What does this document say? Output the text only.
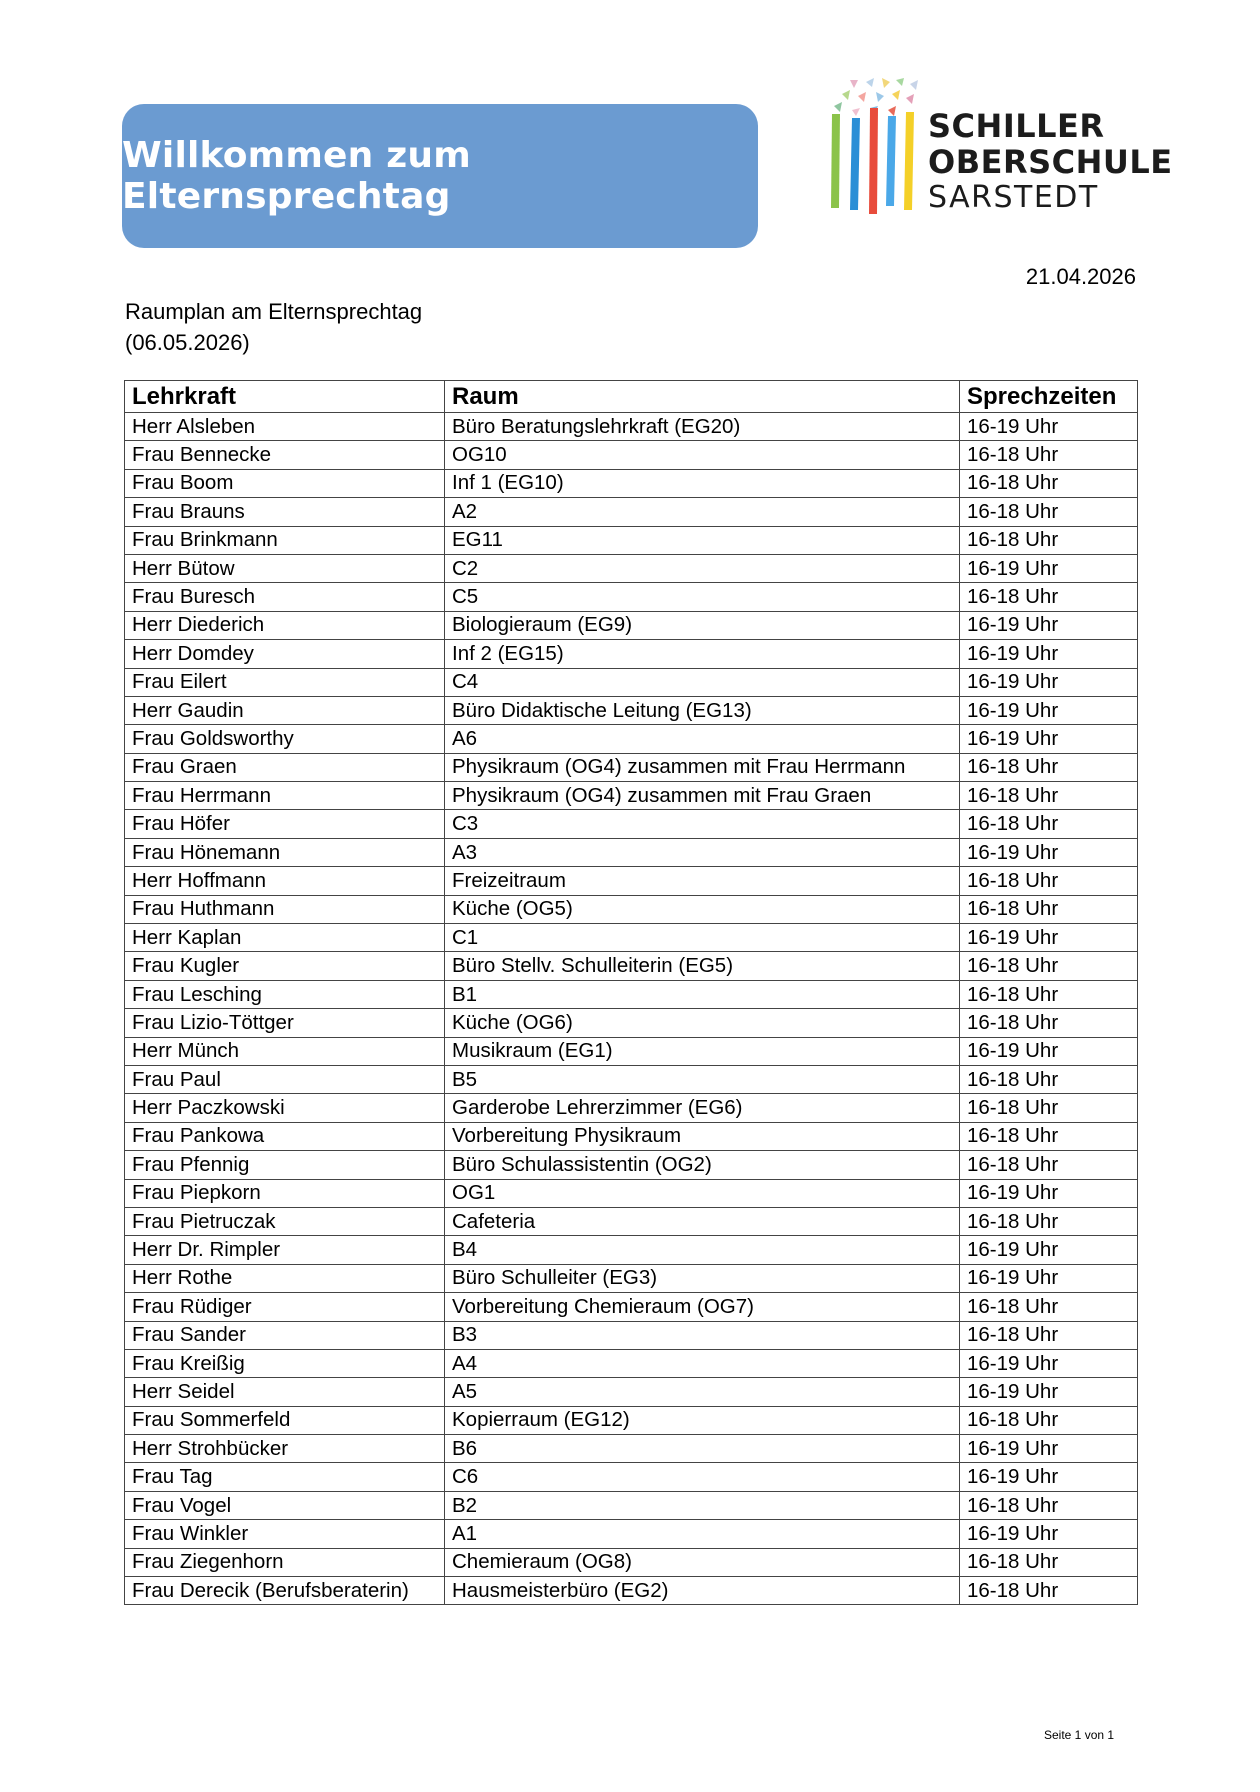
Willkommen zum Elternsprechtag
SCHILLER
OBERSCHULE
SARSTEDT
21.04.2026
Raumplan am Elternsprechtag
(06.05.2026)
Lehrkraft	Raum	Sprechzeiten
Herr Alsleben	Büro Beratungslehrkraft (EG20)	16-19 Uhr
Frau Bennecke	OG10	16-18 Uhr
Frau Boom	Inf 1 (EG10)	16-18 Uhr
Frau Brauns	A2	16-18 Uhr
Frau Brinkmann	EG11	16-18 Uhr
Herr Bütow	C2	16-19 Uhr
Frau Buresch	C5	16-18 Uhr
Herr Diederich	Biologieraum (EG9)	16-19 Uhr
Herr Domdey	Inf 2 (EG15)	16-19 Uhr
Frau Eilert	C4	16-19 Uhr
Herr Gaudin	Büro Didaktische Leitung (EG13)	16-19 Uhr
Frau Goldsworthy	A6	16-19 Uhr
Frau Graen	Physikraum (OG4) zusammen mit Frau Herrmann	16-18 Uhr
Frau Herrmann	Physikraum (OG4) zusammen mit Frau Graen	16-18 Uhr
Frau Höfer	C3	16-18 Uhr
Frau Hönemann	A3	16-19 Uhr
Herr Hoffmann	Freizeitraum	16-18 Uhr
Frau Huthmann	Küche (OG5)	16-18 Uhr
Herr Kaplan	C1	16-19 Uhr
Frau Kugler	Büro Stellv. Schulleiterin (EG5)	16-18 Uhr
Frau Lesching	B1	16-18 Uhr
Frau Lizio-Töttger	Küche (OG6)	16-18 Uhr
Herr Münch	Musikraum (EG1)	16-19 Uhr
Frau Paul	B5	16-18 Uhr
Herr Paczkowski	Garderobe Lehrerzimmer (EG6)	16-18 Uhr
Frau Pankowa	Vorbereitung Physikraum	16-18 Uhr
Frau Pfennig	Büro Schulassistentin (OG2)	16-18 Uhr
Frau Piepkorn	OG1	16-19 Uhr
Frau Pietruczak	Cafeteria	16-18 Uhr
Herr Dr. Rimpler	B4	16-19 Uhr
Herr Rothe	Büro Schulleiter (EG3)	16-19 Uhr
Frau Rüdiger	Vorbereitung Chemieraum (OG7)	16-18 Uhr
Frau Sander	B3	16-18 Uhr
Frau Kreißig	A4	16-19 Uhr
Herr Seidel	A5	16-19 Uhr
Frau Sommerfeld	Kopierraum (EG12)	16-18 Uhr
Herr Strohbücker	B6	16-19 Uhr
Frau Tag	C6	16-19 Uhr
Frau Vogel	B2	16-18 Uhr
Frau Winkler	A1	16-19 Uhr
Frau Ziegenhorn	Chemieraum (OG8)	16-18 Uhr
Frau Derecik (Berufsberaterin)	Hausmeisterbüro (EG2)	16-18 Uhr
Seite 1 von 1
